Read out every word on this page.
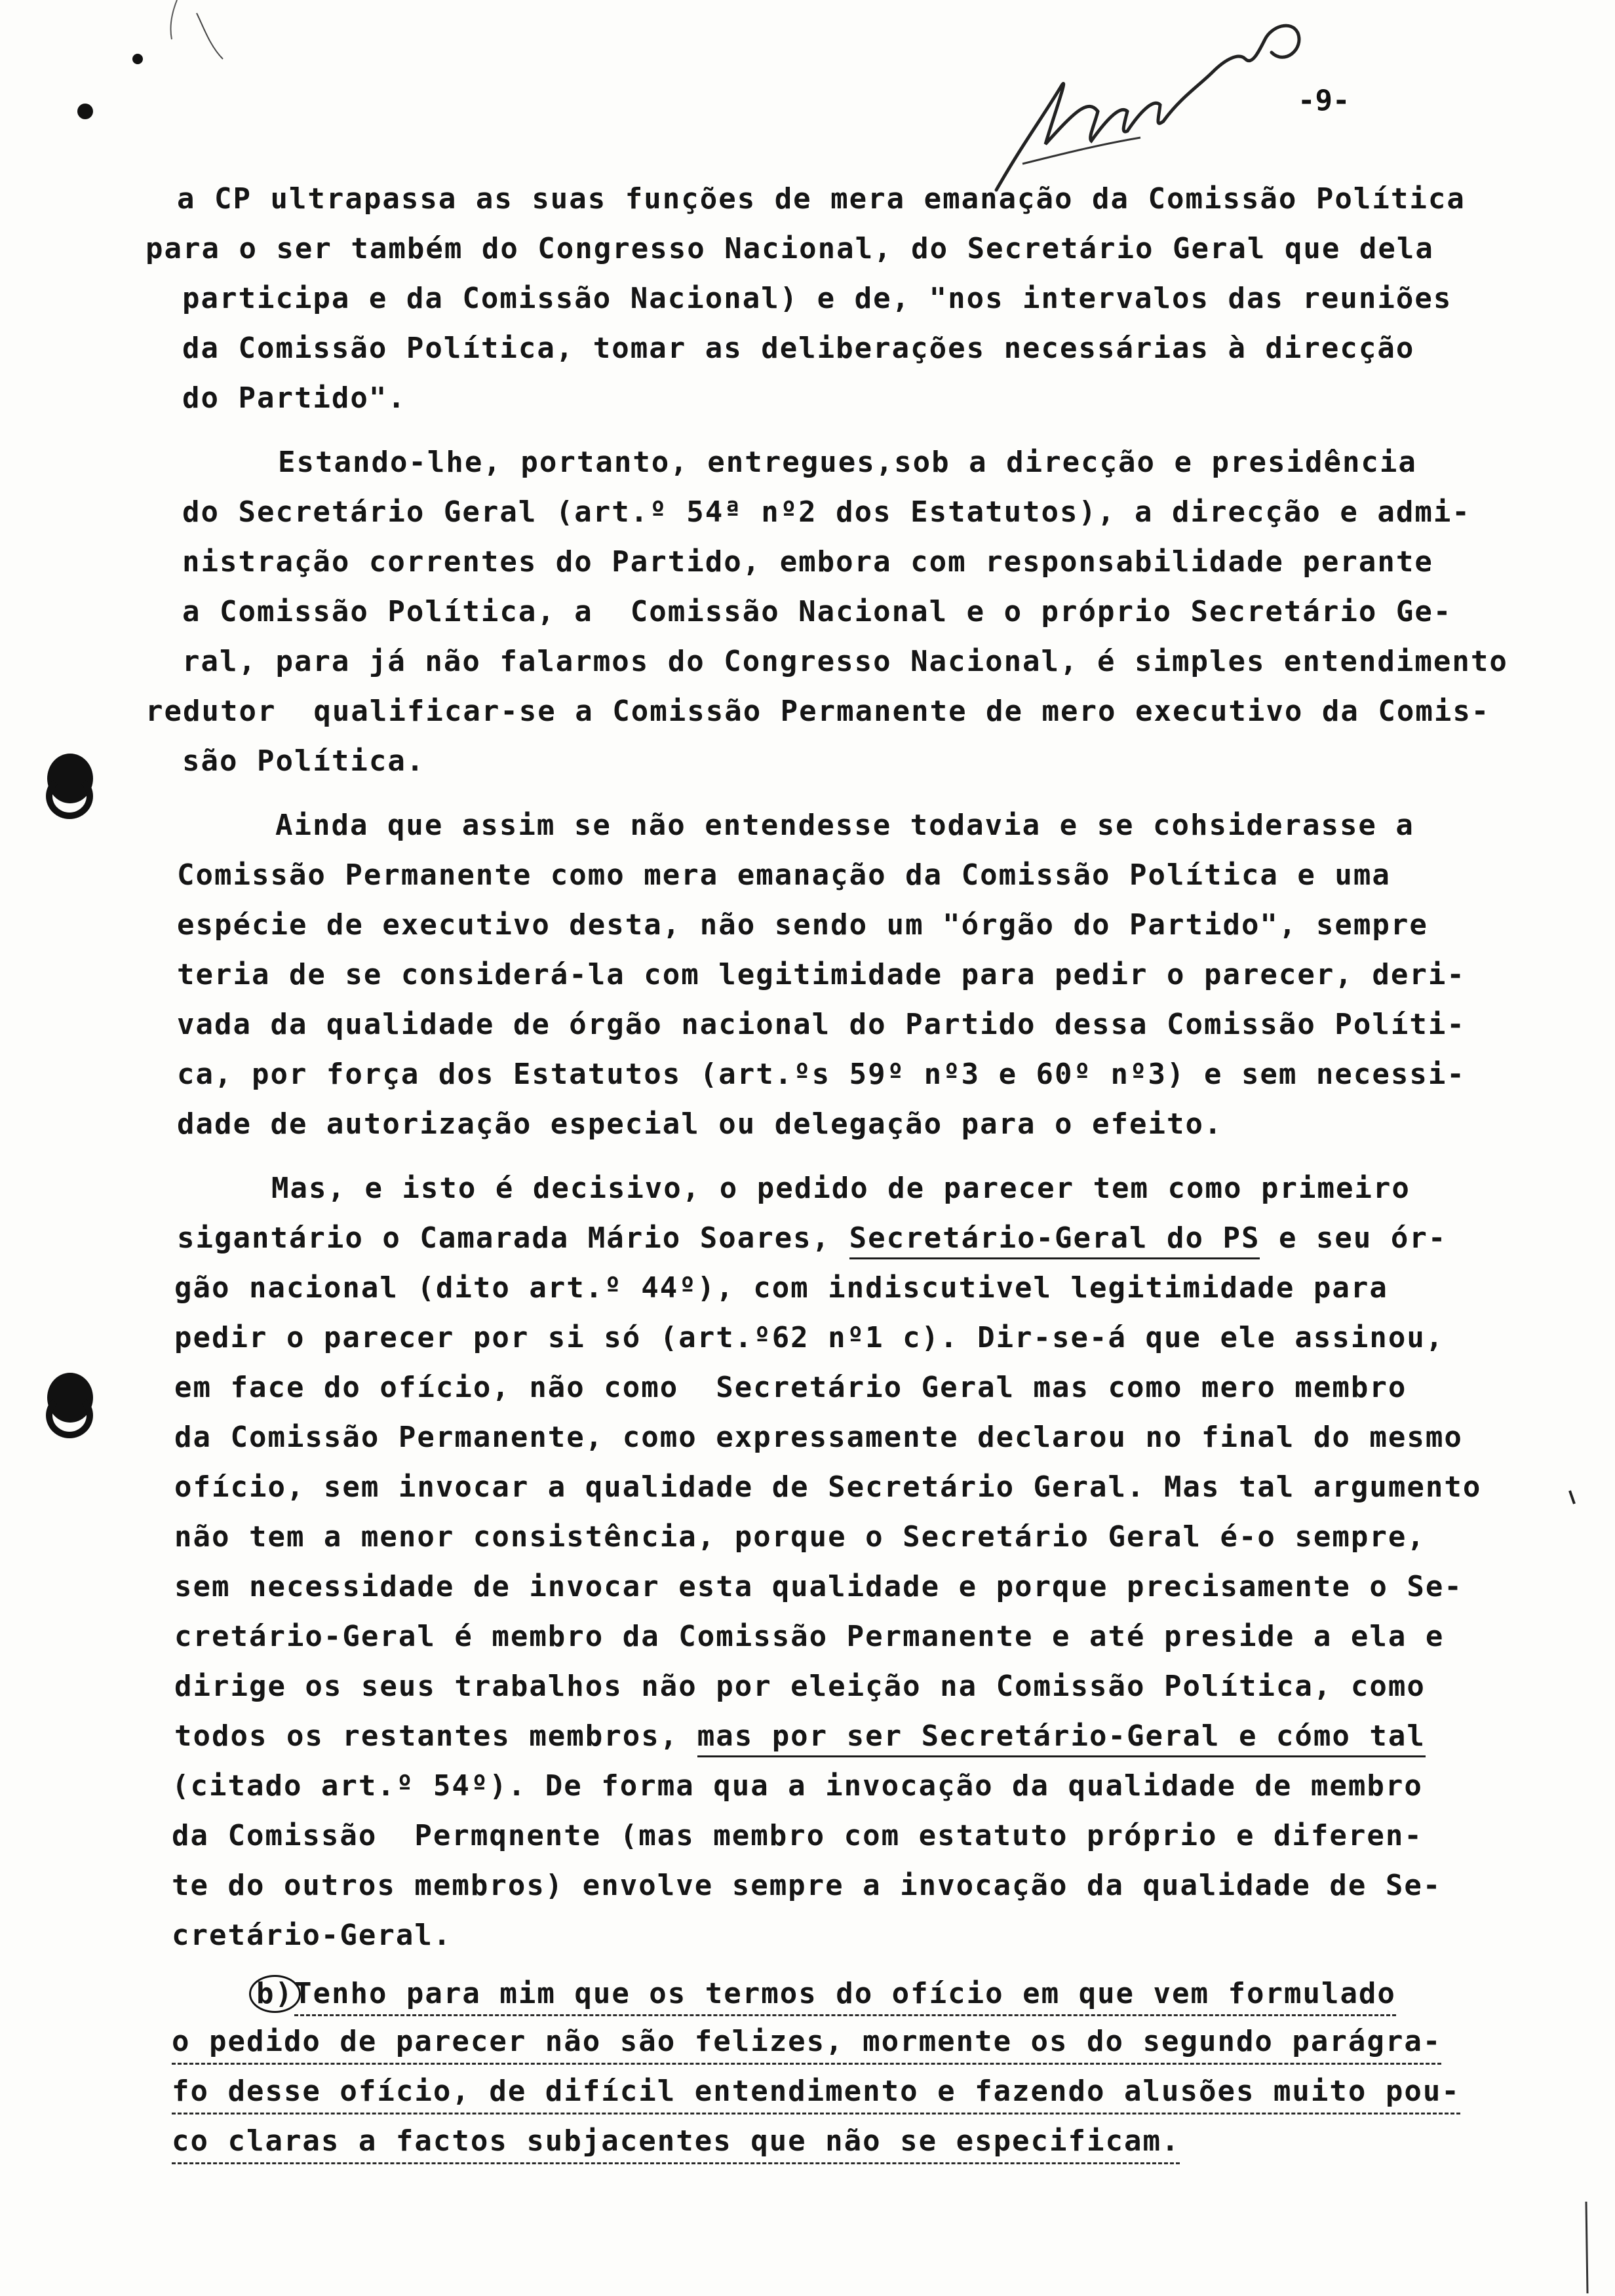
-9-
a CP ultrapassa as suas funções de mera emanação da Comissão Política
para o ser também do Congresso Nacional, do Secretário Geral que dela
participa e da Comissão Nacional) e de, "nos intervalos das reuniões
da Comissão Política, tomar as deliberações necessárias à direcção
do Partido".
Estando-lhe, portanto, entregues,sob a direcção e presidência
do Secretário Geral (art.º 54ª nº2 dos Estatutos), a direcção e admi-
nistração correntes do Partido, embora com responsabilidade perante
a Comissão Política, a  Comissão Nacional e o próprio Secretário Ge-
ral, para já não falarmos do Congresso Nacional, é simples entendimento
redutor  qualificar-se a Comissão Permanente de mero executivo da Comis-
são Política.
Ainda que assim se não entendesse todavia e se cohsiderasse a
Comissão Permanente como mera emanação da Comissão Política e uma
espécie de executivo desta, não sendo um "órgão do Partido", sempre
teria de se considerá-la com legitimidade para pedir o parecer, deri-
vada da qualidade de órgão nacional do Partido dessa Comissão Políti-
ca, por força dos Estatutos (art.ºs 59º nº3 e 60º nº3) e sem necessi-
dade de autorização especial ou delegação para o efeito.
Mas, e isto é decisivo, o pedido de parecer tem como primeiro
sigantário o Camarada Mário Soares, Secretário-Geral do PS e seu ór-
gão nacional (dito art.º 44º), com indiscutivel legitimidade para
pedir o parecer por si só (art.º62 nº1 c). Dir-se-á que ele assinou,
em face do ofício, não como  Secretário Geral mas como mero membro
da Comissão Permanente, como expressamente declarou no final do mesmo
ofício, sem invocar a qualidade de Secretário Geral. Mas tal argumento
não tem a menor consistência, porque o Secretário Geral é-o sempre,
sem necessidade de invocar esta qualidade e porque precisamente o Se-
cretário-Geral é membro da Comissão Permanente e até preside a ela e
dirige os seus trabalhos não por eleição na Comissão Política, como
todos os restantes membros, mas por ser Secretário-Geral e cómo tal
(citado art.º 54º). De forma qua a invocação da qualidade de membro
da Comissão  Permqnente (mas membro com estatuto próprio e diferen-
te do outros membros) envolve sempre a invocação da qualidade de Se-
cretário-Geral.
b)Tenho para mim que os termos do ofício em que vem formulado
o pedido de parecer não são felizes, mormente os do segundo parágra-
fo desse ofício, de difícil entendimento e fazendo alusões muito pou-
co claras a factos subjacentes que não se especificam.
